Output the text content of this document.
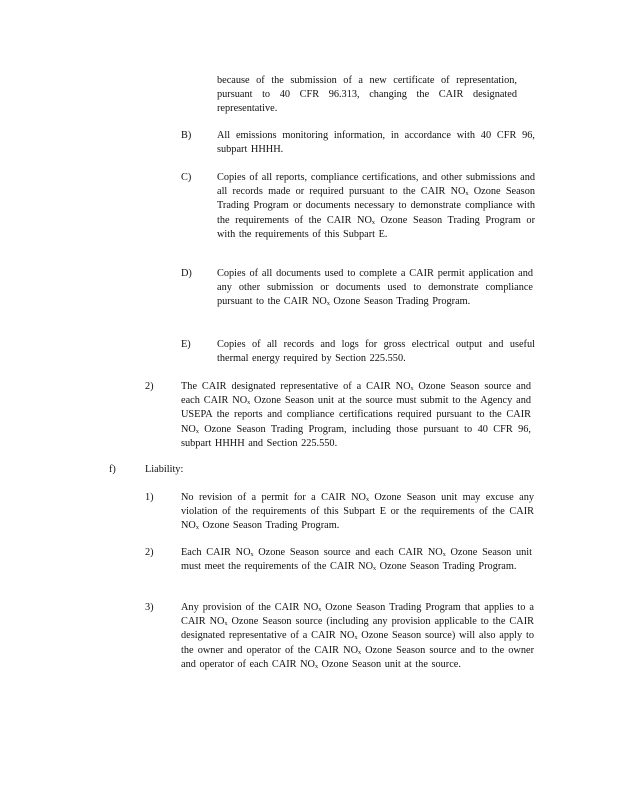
because of the submission of a new certificate of representation, pursuant to 40 CFR 96.313, changing the CAIR designated representative.

B) All emissions monitoring information, in accordance with 40 CFR 96, subpart HHHH.

C) Copies of all reports, compliance certifications, and other submissions and all records made or required pursuant to the CAIR NOₓ Ozone Season Trading Program or documents necessary to demonstrate compliance with the requirements of the CAIR NOₓ Ozone Season Trading Program or with the requirements of this Subpart E.

D) Copies of all documents used to complete a CAIR permit application and any other submission or documents used to demonstrate compliance pursuant to the CAIR NOₓ Ozone Season Trading Program.

E)	Copies of all records and logs for gross electrical output and useful thermal energy required by Section 225.550.

2)	The CAIR designated representative of a CAIR NOₓ Ozone Season source and each CAIR NOₓ Ozone Season unit at the source must submit to the Agency and USEPA the reports and compliance certifications required pursuant to the CAIR NOₓ Ozone Season Trading Program, including those pursuant to 40 CFR 96, subpart HHHH and Section 225.550.

f)	Liability:
1)	No revision of a permit for a CAIR NOₓ Ozone Season unit may excuse any violation of the requirements of this Subpart E or the requirements of the CAIR NOₓ Ozone Season Trading Program.

2)	Each CAIR NOₓ Ozone Season source and each CAIR NOₓ Ozone Season unit must meet the requirements of the CAIR NOₓ Ozone Season Trading Program.

3)	Any provision of the CAIR NOₓ Ozone Season Trading Program that applies to a CAIR NOₓ Ozone Season source (including any provision applicable to the CAIR designated representative of a CAIR NOₓ Ozone Season source) will also apply to the owner and operator of the CAIR NOₓ Ozone Season source and to the owner and operator of each CAIR NOₓ Ozone Season unit at the source.
